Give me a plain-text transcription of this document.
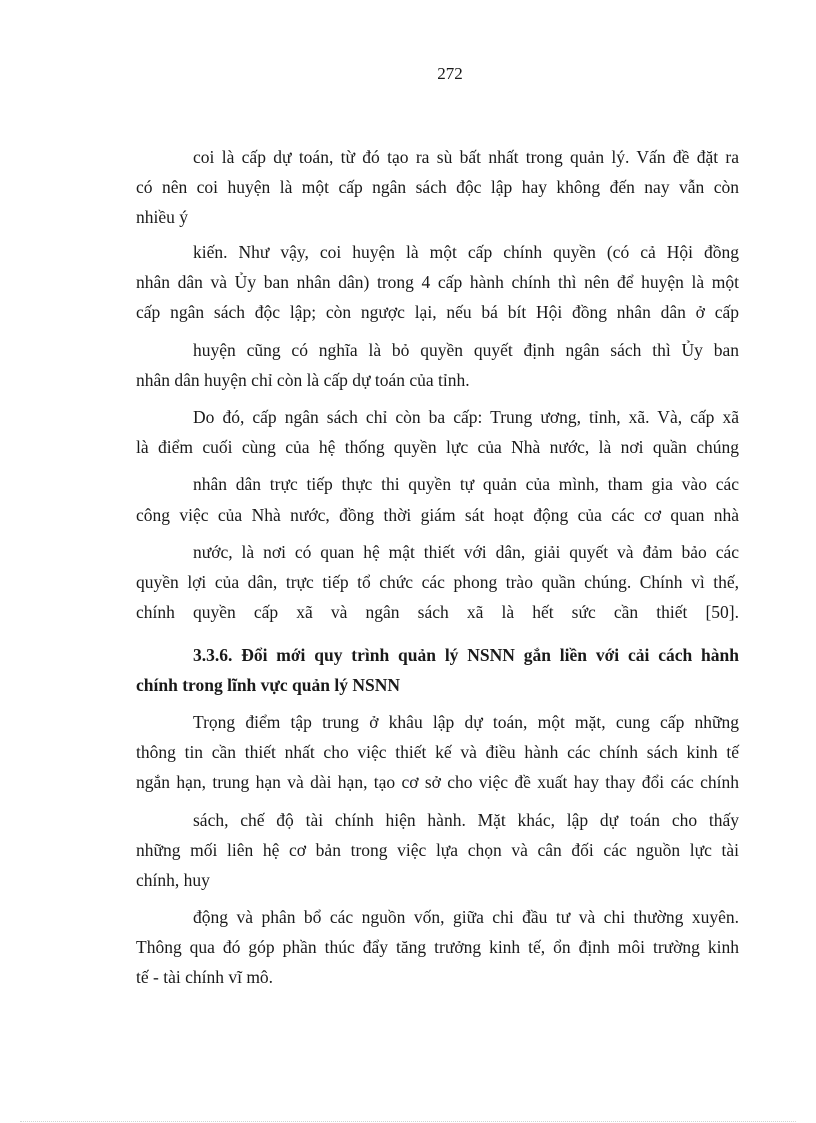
272
coi là cấp dự toán, từ đó tạo ra sù bất nhất trong quản lý. Vấn đề đặt ra
có nên coi huyện là một cấp ngân sách độc lập hay không đến nay vẫn còn
nhiều ý
kiến. Như vậy, coi huyện là một cấp chính quyền (có cả Hội đồng
nhân dân và Ủy ban nhân dân) trong 4 cấp hành chính thì nên để huyện là một
cấp ngân sách độc lập; còn ngược lại, nếu bá bít Hội đồng nhân dân ở cấp
huyện cũng có nghĩa là bỏ quyền quyết định ngân sách thì Ủy ban
nhân dân huyện chỉ còn là cấp dự toán của tỉnh.
Do đó, cấp ngân sách chỉ còn ba cấp: Trung ương, tỉnh, xã. Và, cấp xã
là điểm cuối cùng của hệ thống quyền lực của Nhà nước, là nơi quần chúng
nhân dân trực tiếp thực thi quyền tự quản của mình, tham gia vào các
công việc của Nhà nước, đồng thời giám sát hoạt động của các cơ quan nhà
nước, là nơi có quan hệ mật thiết với dân, giải quyết và đảm bảo các
quyền lợi của dân, trực tiếp tổ chức các phong trào quần chúng. Chính vì thế,
chính quyền cấp xã và ngân sách xã là hết sức cần thiết [50].
3.3.6. Đổi mới quy trình quản lý NSNN gắn liền với cải cách hành
chính trong lĩnh vực quản lý NSNN
Trọng điểm tập trung ở khâu lập dự toán, một mặt, cung cấp những
thông tin cần thiết nhất cho việc thiết kế và điều hành các chính sách kinh tế
ngắn hạn, trung hạn và dài hạn, tạo cơ sở cho việc đề xuất hay thay đổi các chính
sách, chế độ tài chính hiện hành. Mặt khác, lập dự toán cho thấy
những mối liên hệ cơ bản trong việc lựa chọn và cân đối các nguồn lực tài
chính, huy
động và phân bổ các nguồn vốn, giữa chi đầu tư và chi thường xuyên.
Thông qua đó góp phần thúc đẩy tăng trưởng kinh tế, ổn định môi trường kinh
tế - tài chính vĩ mô.
